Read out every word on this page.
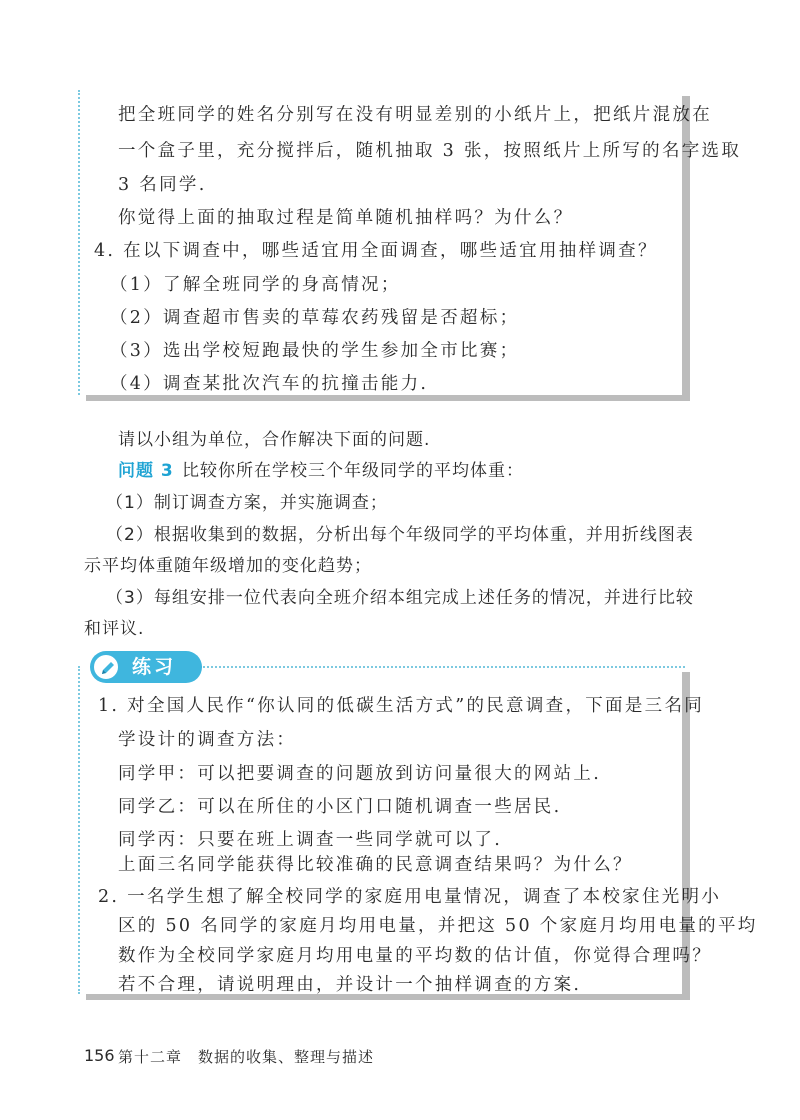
把全班同学的姓名分别写在没有明显差别的小纸片上，把纸片混放在
一个盒子里，充分搅拌后，随机抽取 3 张，按照纸片上所写的名字选取
3 名同学.
你觉得上面的抽取过程是简单随机抽样吗？为什么？
4. 在以下调查中，哪些适宜用全面调查，哪些适宜用抽样调查？
（1）了解全班同学的身高情况；
（2）调查超市售卖的草莓农药残留是否超标；
（3）选出学校短跑最快的学生参加全市比赛；
（4）调查某批次汽车的抗撞击能力.
请以小组为单位，合作解决下面的问题.
问题 3 比较你所在学校三个年级同学的平均体重：
（1）制订调查方案，并实施调查；
（2）根据收集到的数据，分析出每个年级同学的平均体重，并用折线图表
示平均体重随年级增加的变化趋势；
（3）每组安排一位代表向全班介绍本组完成上述任务的情况，并进行比较
和评议.
练习
1. 对全国人民作“你认同的低碳生活方式”的民意调查，下面是三名同
学设计的调查方法：
同学甲：可以把要调查的问题放到访问量很大的网站上.
同学乙：可以在所住的小区门口随机调查一些居民.
同学丙：只要在班上调查一些同学就可以了.
上面三名同学能获得比较准确的民意调查结果吗？为什么？
2. 一名学生想了解全校同学的家庭用电量情况，调查了本校家住光明小
区的 50 名同学的家庭月均用电量，并把这 50 个家庭月均用电量的平均
数作为全校同学家庭月均用电量的平均数的估计值，你觉得合理吗？
若不合理，请说明理由，并设计一个抽样调查的方案.
156 第十二章　数据的收集、整理与描述
